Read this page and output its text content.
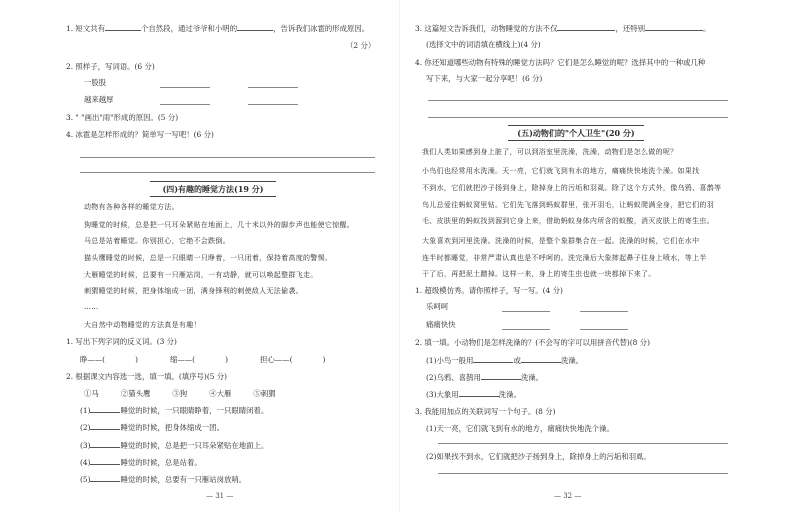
1. 短文共有	个自然段，通过爷爷和小明的	，告诉我们冰雹的形成原因。
（2 分）
2. 照样子，写词语。(6 分)
一股股
越来越厚
3. " "画出"雨"形成的原因。(5 分)
4. 冰雹是怎样形成的？简单写一写吧！(6 分)
(四)有趣的睡觉方法(19 分)
动物有各种各样的睡觉方法。
狗睡觉的时候，总是把一只耳朵紧贴在地面上，几十米以外的脚步声也能使它惊醒。
马总是站着睡觉。你别担心，它绝不会跌倒。
猫头鹰睡觉的时候，总是一只眼睛一只睁着，一只闭着，保持着高度的警惕。
大雁睡觉的时候，总要有一只雁站岗，一有动静，就可以唤起整群飞走。
刺猬睡觉的时候，把身体缩成一团，满身锋利的刺使敌人无法偷袭。
……
大自然中动物睡觉的方法真是有趣！
1. 写出下列字词的反义词。(3 分)
睁——(	)	缩——(	)	担心——(	)
2. 根据课文内容选一选，填一填。(填序号)(5 分)
①马	②猫头鹰	③狗	④大雁	⑤刺猬
(1)	睡觉的时候，一只眼睛睁着，一只眼睛闭着。
(2)	睡觉的时候，把身体缩成一团。
(3)	睡觉的时候，总是把一只耳朵紧贴在地面上。
(4)	睡觉的时候，总是站着。
(5)	睡觉的时候，总要有一只雁站岗放哨。
— 31 —
3. 这篇短文告诉我们，动物睡觉的方法不仅	，还特别	。
(选择文中的词语填在横线上)(4 分)
4. 你还知道哪些动物有特殊的睡觉方法吗？它们是怎么睡觉的呢？选择其中的一种或几种
写下来，与大家一起分享吧！(6 分)
(五)动物们的"个人卫生"(20 分)
我们人类如果感到身上脏了，可以到浴室里洗澡，洗澡，动物们是怎么做的呢？
小鸟们也经常用水洗澡。天一亮，它们就飞到有水的地方，痛痛快快地洗个澡。如果找
不到水，它们就把沙子扬到身上，除掉身上的污垢和羽虱。除了这个方式外，像乌鸦、喜鹊等
鸟儿总爱往蚂蚁窝里钻。它们先飞落到蚂蚁群里，张开羽毛，让蚂蚁爬满全身，把它们的羽
毛、皮肤里的蚂蚁找到溜到它身上来，借助蚂蚁身体内所含的蚁酸，消灭皮肤上的寄生虫。
大象喜欢到河里洗澡。洗澡的时候，是整个象群集合在一起。洗澡的时候，它们在水中
连半时都睡觉，非常严肃认真也是不呼呵的。洗完澡后大象摔起鼻子往身上喷水，等上半
干了后，再把泥土蹭掉。这样一来，身上的寄生虫也就一块都掉下来了。
1. 超级模仿秀。请你照样子，写一写。(4 分)
乐呵呵
痛痛快快
2. 填一填。小动物们是怎样洗澡的？(不会写的字可以用拼音代替)(8 分)
(1)小鸟一般用	或	洗澡。
(2)乌鸦、喜鹊用	洗澡。
(3)大象用	洗澡。
3. 我能用加点的关联词写一个句子。(8 分)
(1)天一亮，它们就飞到有水的地方，痛痛快快地洗个澡。
(2)如果找不到水，它们就把沙子扬到身上，除掉身上的污垢和羽虱。
— 32 —
